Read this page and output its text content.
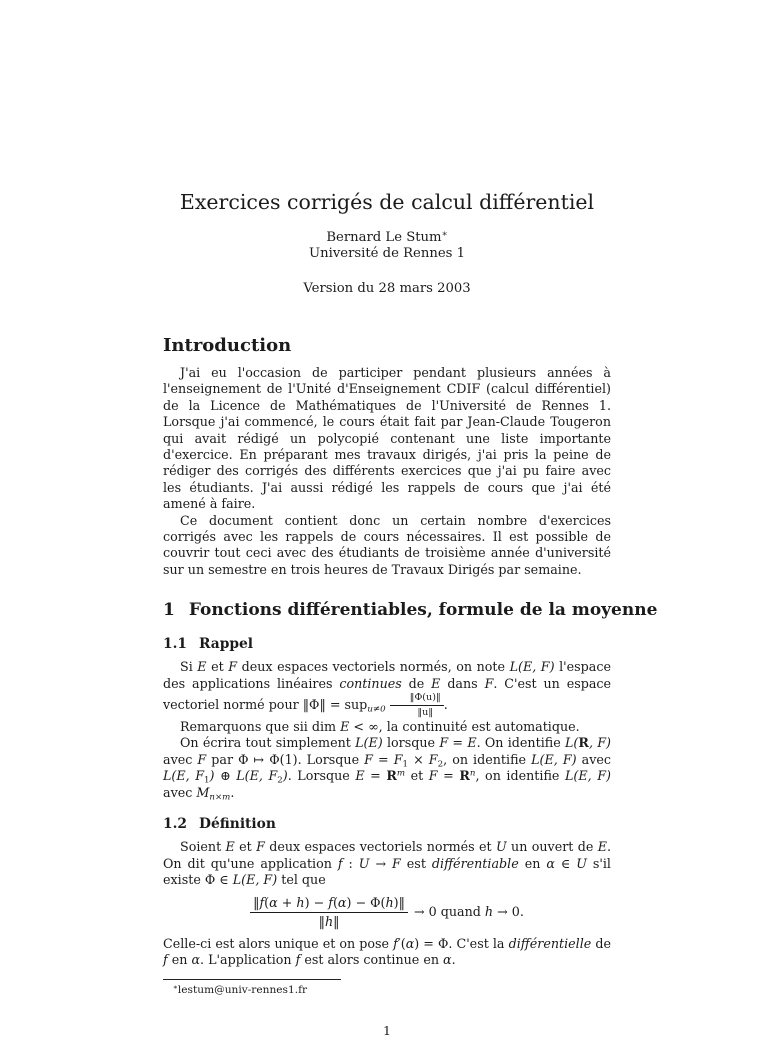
Exercices corrigés de calcul différentiel
Bernard Le Stum∗
Université de Rennes 1
Version du 28 mars 2003
Introduction

J'ai eu l'occasion de participer pendant plusieurs années à l'enseignement de l'Unité d'Enseignement CDIF (calcul différentiel) de la Licence de Mathématiques de l'Université de Rennes 1. Lorsque j'ai commencé, le cours était fait par Jean-Claude Tougeron qui avait rédigé un polycopié contenant une liste importante d'exercice. En préparant mes travaux dirigés, j'ai pris la peine de rédiger des corrigés des différents exercices que j'ai pu faire avec les étudiants. J'ai aussi rédigé les rappels de cours que j'ai été amené à faire.

Ce document contient donc un certain nombre d'exercices corrigés avec les rappels de cours nécessaires. Il est possible de couvrir tout ceci avec des étudiants de troisième année d'université sur un semestre en trois heures de Travaux Dirigés par semaine.

1 Fonctions différentiables, formule de la moyenne
1.1 Rappel

Si E et F deux espaces vectoriels normés, on note L(E, F) l'espace des applications linéaires continues de E dans F. C'est un espace vectoriel normé pour ‖Φ‖ = $sup_{u\ne 0} \frac{‖\Phi(u)‖}{‖u‖}$ .

Remarquons que sii dim E < ∞, la continuité est automatique.

On écrira tout simplement L(E) lorsque F = E. On identifie L(R, F) avec F par Φ ↦ Φ(1). Lorsque $F = F_1 \times F_2$, on identifie L(E, F) avec L(E, $F_1$) ⊕ L(E, $F_2$). Lorsque $E = R^m$ et $F = R^n$, on identifie L(E, F) avec $M_{n\times m}$.

1.2 Définition

Soient E et F deux espaces vectoriels normés et U un ouvert de E. On dit qu'une application f : U → F est différentiable en α ∈ U s'il existe Φ ∈ L(E, F) tel que

$\frac{‖f(\alpha + h) - f(\alpha) - \Phi(h)‖}{‖h‖} \to 0$ quand h → 0.

Celle-ci est alors unique et on pose f′(α) = Φ. C'est la différentielle de f en α. L'application f est alors continue en α.

∗lestum@univ-rennes1.fr
1
